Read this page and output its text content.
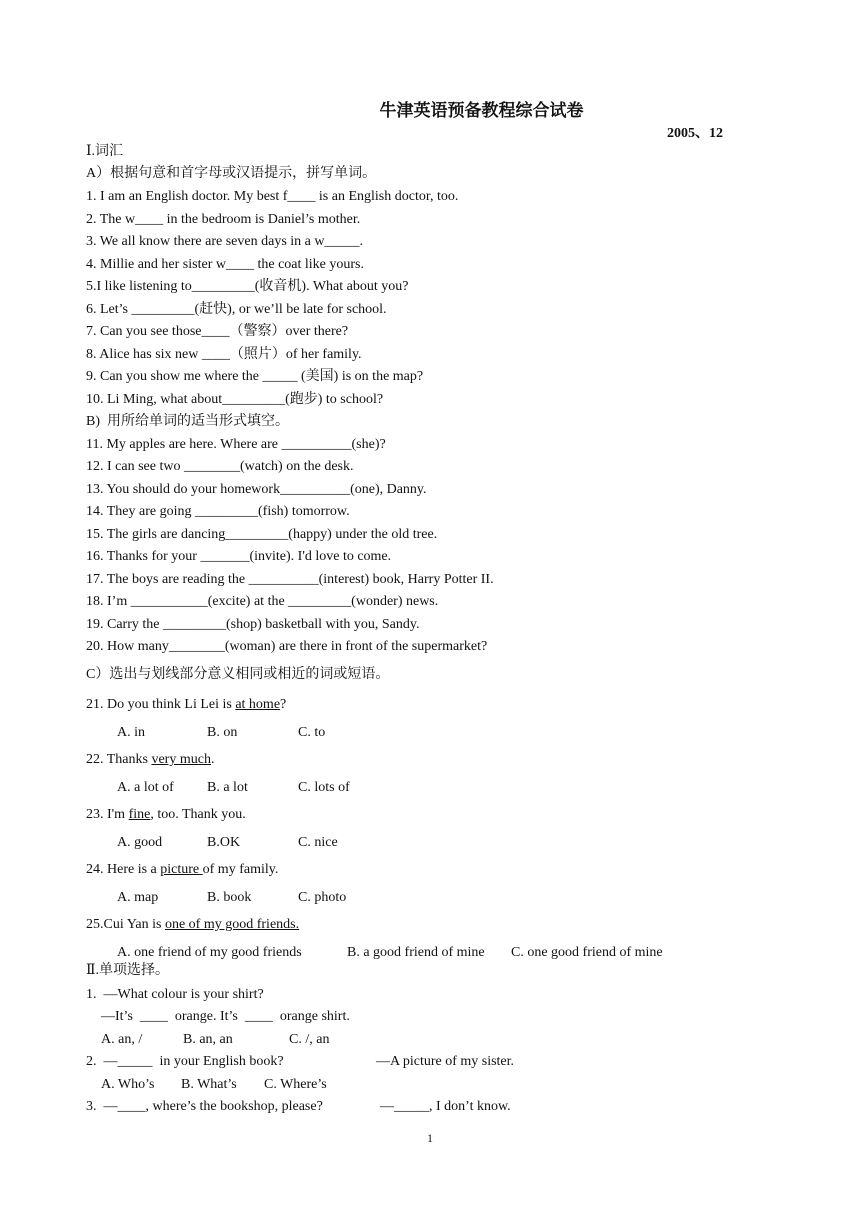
牛津英语预备教程综合试卷
2005、12
Ⅰ.词汇
A）根据句意和首字母或汉语提示，拼写单词。
1. I am an English doctor. My best f____ is an English doctor, too.
2. The w____ in the bedroom is Daniel’s mother.
3. We all know there are seven days in a w_____.
4. Millie and her sister w____ the coat like yours.
5.I like listening to_________(收音机). What about you?
6. Let’s _________(赶快), or we’ll be late for school.
7. Can you see those____（警察）over there?
8. Alice has six new ____（照片）of her family.
9. Can you show me where the _____ (美国) is on the map?
10. Li Ming, what about_________(跑步) to school?
B)  用所给单词的适当形式填空。
11. My apples are here. Where are __________(she)?
12. I can see two ________(watch) on the desk.
13. You should do your homework__________(one), Danny.
14. They are going _________(fish) tomorrow.
15. The girls are dancing_________(happy) under the old tree.
16. Thanks for your _______(invite). I'd love to come.
17. The boys are reading the __________(interest) book, Harry Potter II.
18. I’m ___________(excite) at the _________(wonder) news.
19. Carry the _________(shop) basketball with you, Sandy.
20. How many________(woman) are there in front of the supermarket?
C）选出与划线部分意义相同或相近的词或短语。
21. Do you think Li Lei is at home?
A. in	B. on	C. to
22. Thanks very much.
A. a lot of B. a lot	C. lots of
23. I'm fine, too. Thank you.
A. good	B.OK	C. nice
24. Here is a picture of my family.
A. map	B. book	C. photo
25.Cui Yan is one of my good friends.
A. one friend of my good friends	B. a good friend of mine C. one good friend of mine
Ⅱ.单项选择。
1.  —What colour is your shirt?
—It’s  ____  orange. It’s  ____  orange shirt.
A. an, /	B. an, an	C. /, an
2.  —_____  in your English book?	—A picture of my sister.
A. Who’s B. What’s C. Where’s
3.  —____, where’s the bookshop, please?	—_____, I don’t know.
1
